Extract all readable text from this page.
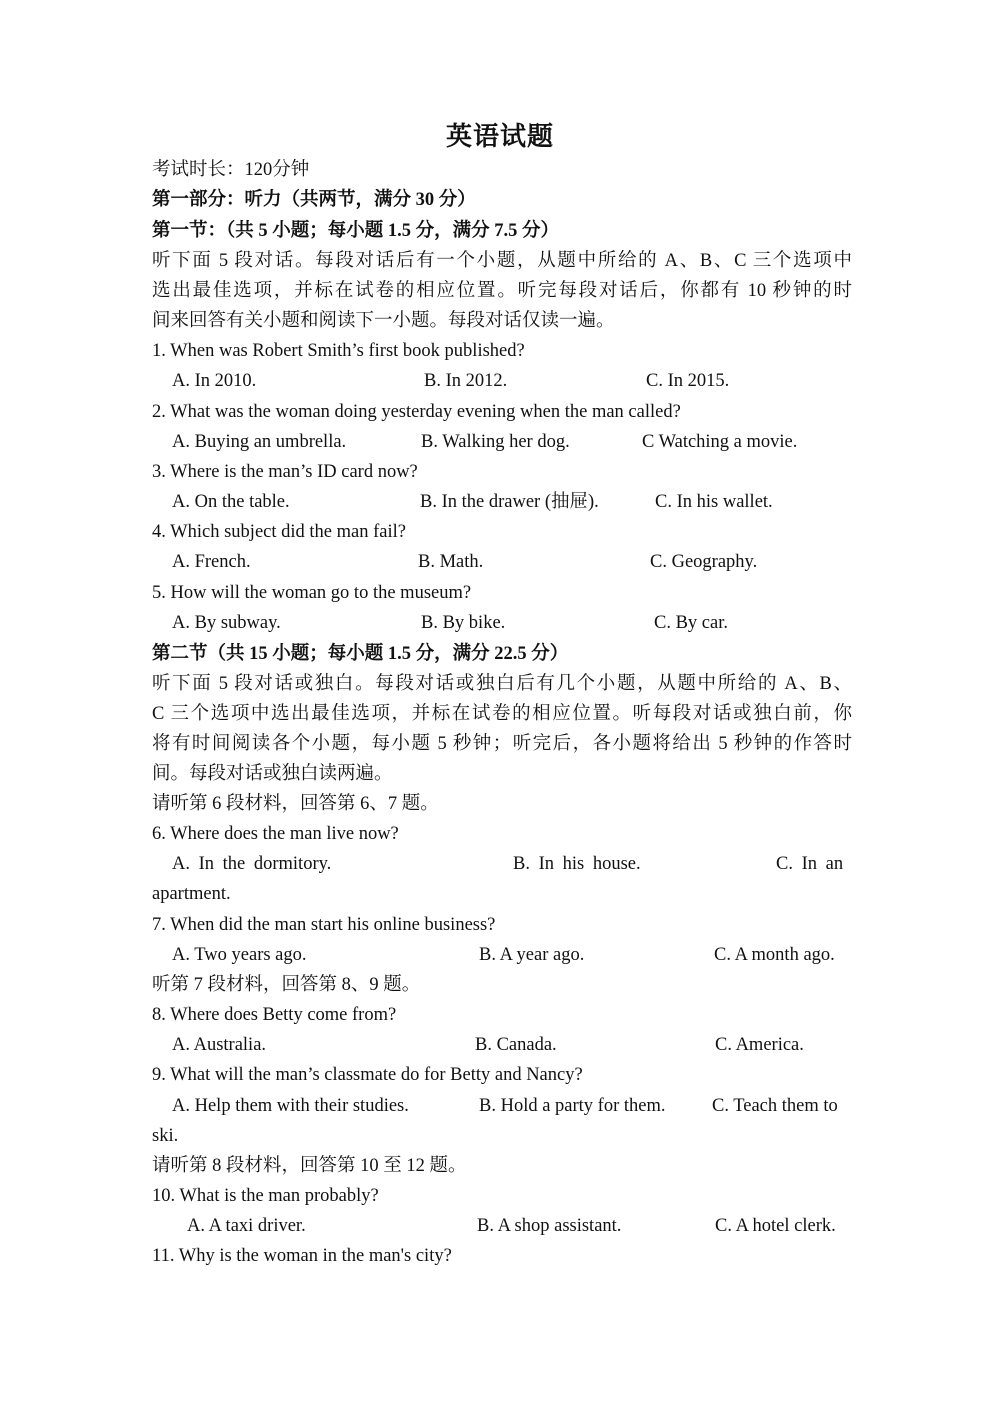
英语试题
考试时长：120分钟
第一部分：听力（共两节，满分 30 分）
第一节：（共 5 小题；每小题 1.5 分，满分 7.5 分）
听下面 5 段对话。每段对话后有一个小题，从题中所给的 A、B、C 三个选项中
选出最佳选项，并标在试卷的相应位置。听完每段对话后，你都有 10 秒钟的时
间来回答有关小题和阅读下一小题。每段对话仅读一遍。
1. When was Robert Smith’s first book published?
A. In 2010.	B. In 2012.	C. In 2015.
2. What was the woman doing yesterday evening when the man called?
A. Buying an umbrella.	B. Walking her dog.	C Watching a movie.
3. Where is the man’s ID card now?
A. On the table.	B. In the drawer (抽屉).	C. In his wallet.
4. Which subject did the man fail?
A. French.	B. Math.	C. Geography.
5. How will the woman go to the museum?
A. By subway.	B. By bike.	C. By car.
第二节（共 15 小题；每小题 1.5 分，满分 22.5 分）
听下面 5 段对话或独白。每段对话或独白后有几个小题，从题中所给的 A、B、
C 三个选项中选出最佳选项，并标在试卷的相应位置。听每段对话或独白前，你
将有时间阅读各个小题，每小题 5 秒钟；听完后，各小题将给出 5 秒钟的作答时
间。每段对话或独白读两遍。
请听第 6 段材料，回答第 6、7 题。
6. Where does the man live now?
A. In the dormitory.	B. In his house.	C. In an
apartment.
7. When did the man start his online business?
A. Two years ago.	B. A year ago.	C. A month ago.
听第 7 段材料，回答第 8、9 题。
8. Where does Betty come from?
A. Australia.	B. Canada.	C. America.
9. What will the man’s classmate do for Betty and Nancy?
A. Help them with their studies.	B. Hold a party for them.	C. Teach them to
ski.
请听第 8 段材料，回答第 10 至 12 题。
10. What is the man probably?
A. A taxi driver.	B. A shop assistant.	C. A hotel clerk.
11. Why is the woman in the man's city?
